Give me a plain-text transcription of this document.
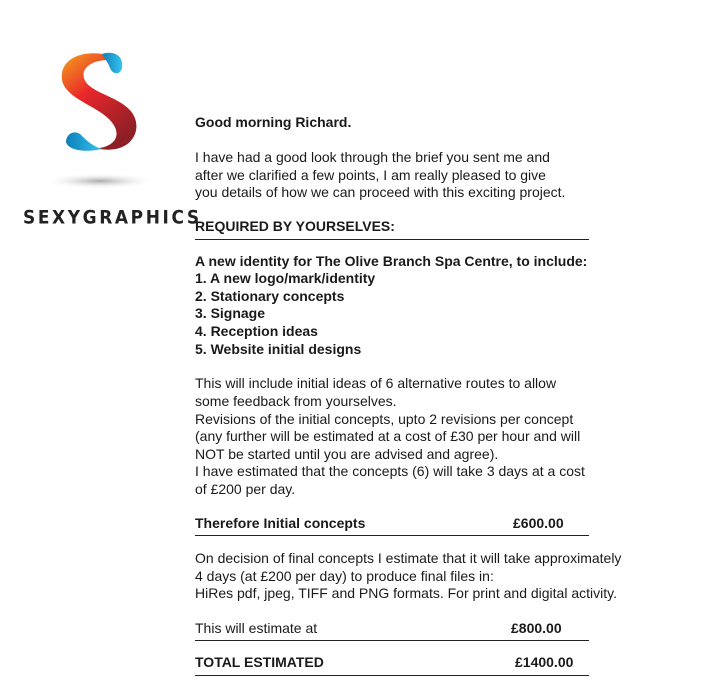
SEXYGRAPHICS
Good morning Richard.
I have had a good look through the brief you sent me and
after we clarified a few points, I am really pleased to give
you details of how we can proceed with this exciting project.
REQUIRED BY YOURSELVES:
A new identity for The Olive Branch Spa Centre, to include:
1. A new logo/mark/identity
2. Stationary concepts
3. Signage
4. Reception ideas
5. Website initial designs
This will include initial ideas of 6 alternative routes to allow
some feedback from yourselves.
Revisions of the initial concepts, upto 2 revisions per concept
(any further will be estimated at a cost of £30 per hour and will
NOT be started until you are advised and agree).
I have estimated that the concepts (6) will take 3 days at a cost
of £200 per day.
Therefore Initial concepts	£600.00
On decision of final concepts I estimate that it will take approximately
4 days (at £200 per day) to produce final files in:
HiRes pdf, jpeg, TIFF and PNG formats. For print and digital activity.
This will estimate at	£800.00
TOTAL ESTIMATED	£1400.00
